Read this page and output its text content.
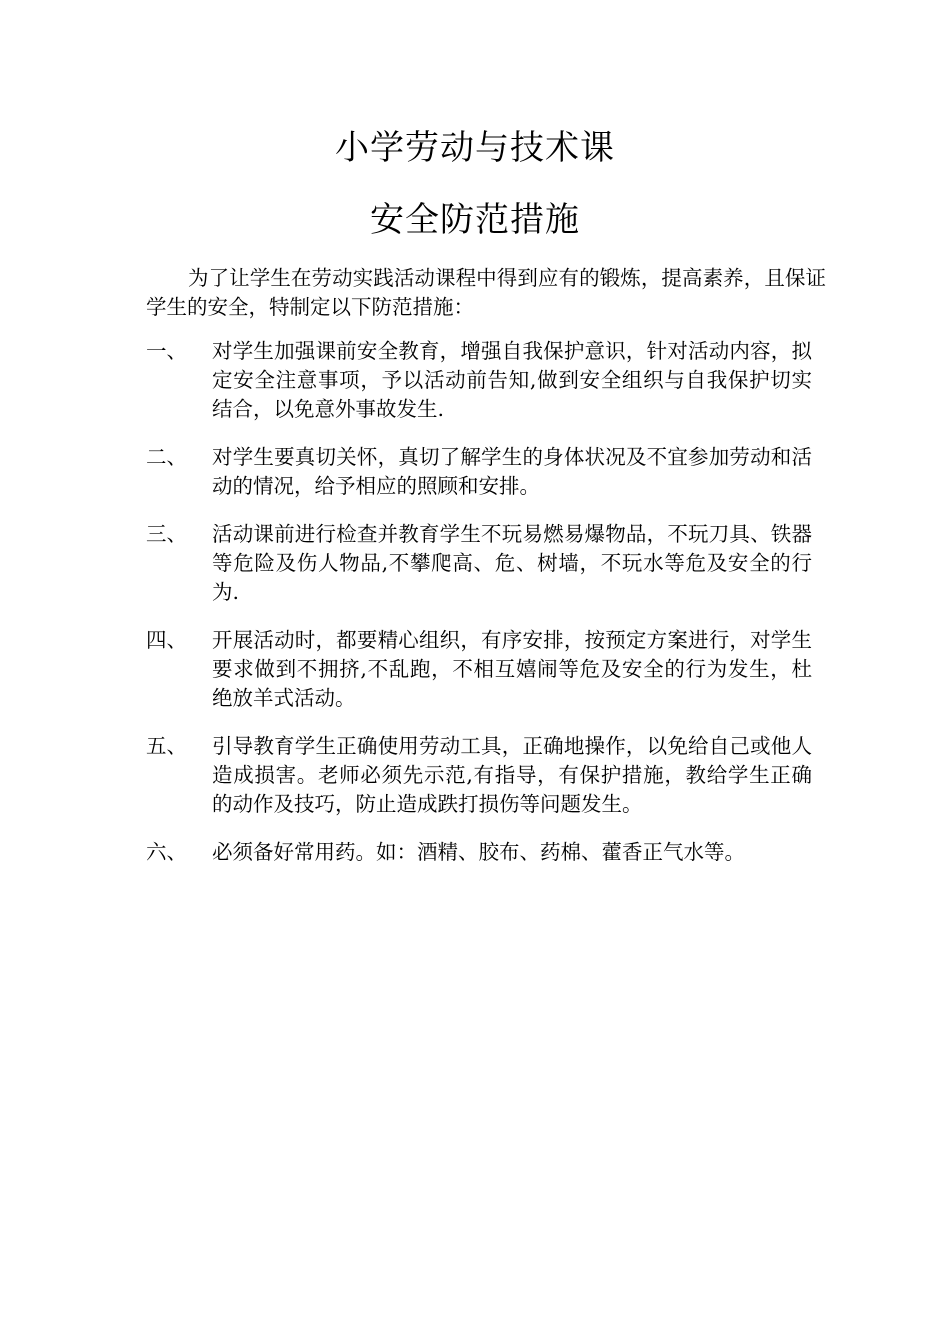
小学劳动与技术课
安全防范措施

为了让学生在劳动实践活动课程中得到应有的锻炼，提高素养，且保证学生的安全，特制定以下防范措施：

一、	对学生加强课前安全教育，增强自我保护意识，针对活动内容，拟定安全注意事项，予以活动前告知,做到安全组织与自我保护切实结合，以免意外事故发生.
二、	对学生要真切关怀，真切了解学生的身体状况及不宜参加劳动和活动的情况，给予相应的照顾和安排。
三、	活动课前进行检查并教育学生不玩易燃易爆物品，不玩刀具、铁器等危险及伤人物品,不攀爬高、危、树墙，不玩水等危及安全的行为.
四、	开展活动时，都要精心组织，有序安排，按预定方案进行，对学生要求做到不拥挤,不乱跑，不相互嬉闹等危及安全的行为发生，杜绝放羊式活动。
五、	引导教育学生正确使用劳动工具，正确地操作，以免给自己或他人造成损害。老师必须先示范,有指导，有保护措施，教给学生正确的动作及技巧，防止造成跌打损伤等问题发生。
六、	必须备好常用药。如：酒精、胶布、药棉、藿香正气水等。
